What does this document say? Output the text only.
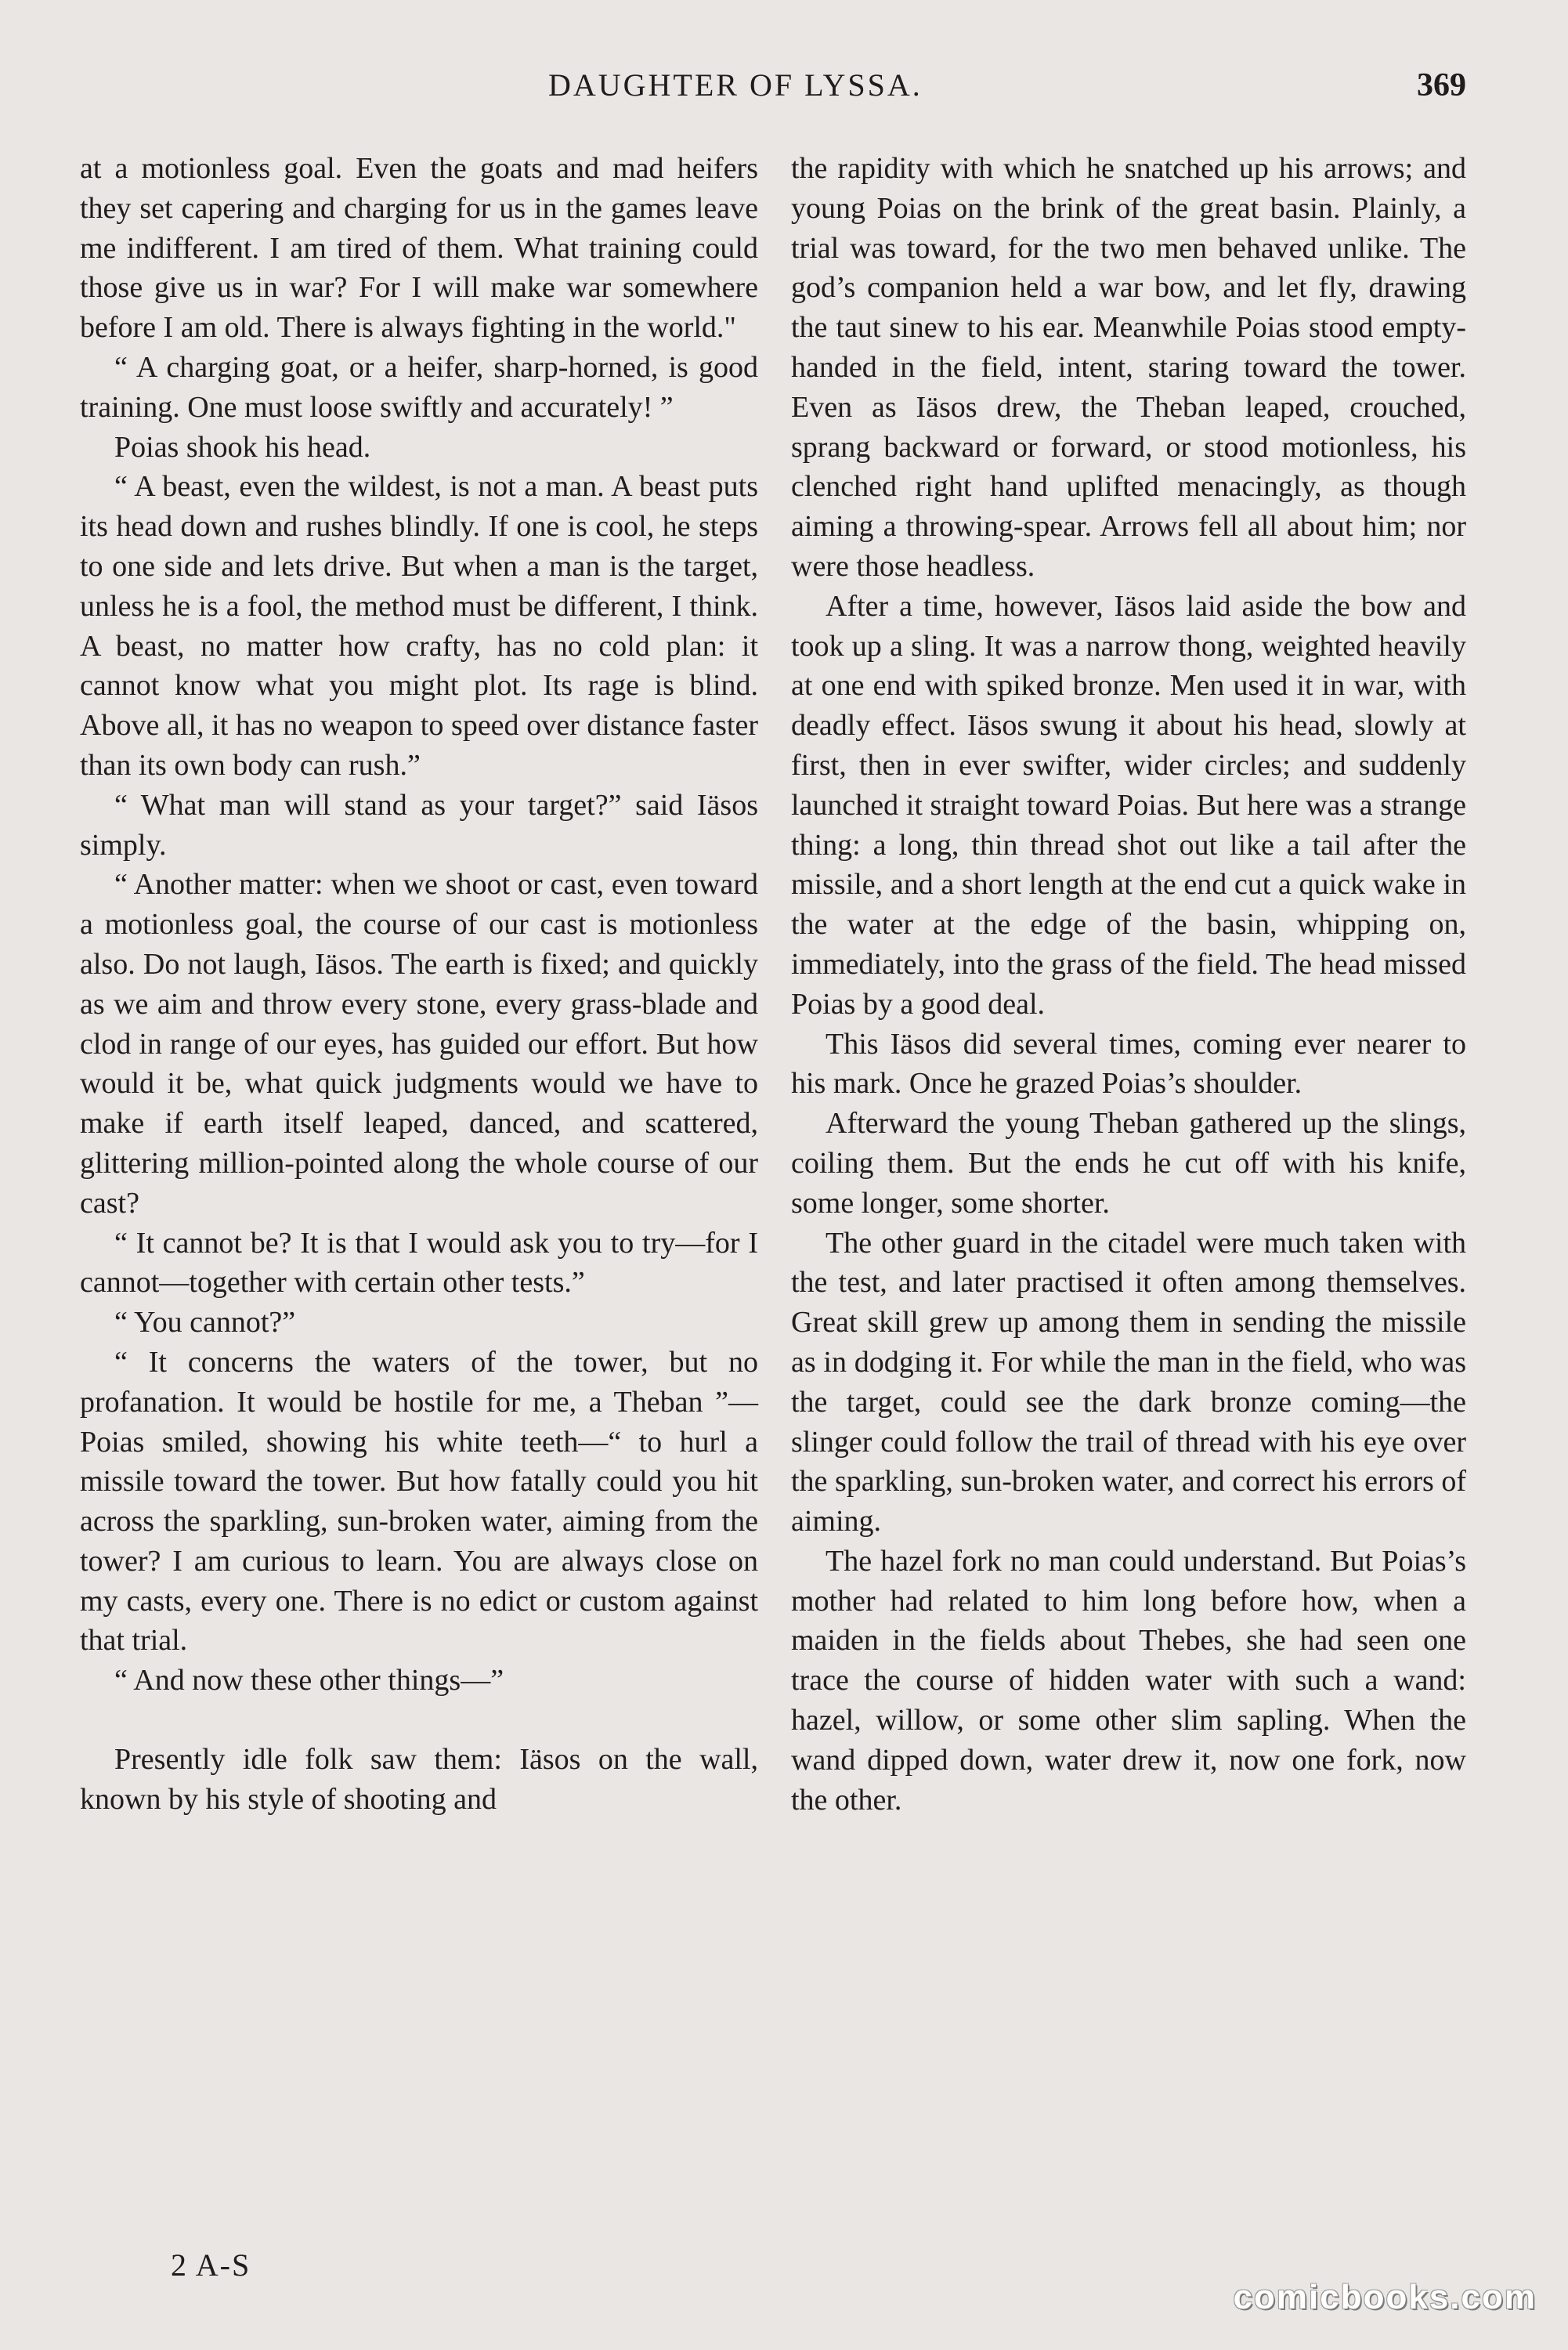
DAUGHTER OF LYSSA.	369

at a motionless goal. Even the goats and mad heifers they set capering and charging for us in the games leave me indifferent. I am tired of them. What training could those give us in war? For I will make war somewhere before I am old. There is always fighting in the world."

“ A charging goat, or a heifer, sharp-horned, is good training. One must loose swiftly and accurately! ”

Poias shook his head.

“ A beast, even the wildest, is not a man. A beast puts its head down and rushes blindly. If one is cool, he steps to one side and lets drive. But when a man is the target, unless he is a fool, the method must be different, I think. A beast, no matter how crafty, has no cold plan: it cannot know what you might plot. Its rage is blind. Above all, it has no weapon to speed over distance faster than its own body can rush.”

“ What man will stand as your target?” said Iäsos simply.

“ Another matter: when we shoot or cast, even toward a motionless goal, the course of our cast is motionless also. Do not laugh, Iäsos. The earth is fixed; and quickly as we aim and throw every stone, every grass-blade and clod in range of our eyes, has guided our effort. But how would it be, what quick judgments would we have to make if earth itself leaped, danced, and scattered, glittering million-pointed along the whole course of our cast?

“ It cannot be? It is that I would ask you to try—for I cannot—together with certain other tests.”

“ You cannot?”

“ It concerns the waters of the tower, but no profanation. It would be hostile for me, a Theban ”—Poias smiled, showing his white teeth—“ to hurl a missile toward the tower. But how fatally could you hit across the sparkling, sun-broken water, aiming from the tower? I am curious to learn. You are always close on my casts, every one. There is no edict or custom against that trial.

“ And now these other things—”

Presently idle folk saw them: Iäsos on the wall, known by his style of shooting and

the rapidity with which he snatched up his arrows; and young Poias on the brink of the great basin. Plainly, a trial was toward, for the two men behaved unlike. The god’s companion held a war bow, and let fly, drawing the taut sinew to his ear. Meanwhile Poias stood empty-handed in the field, intent, staring toward the tower. Even as Iäsos drew, the Theban leaped, crouched, sprang backward or forward, or stood motionless, his clenched right hand uplifted menacingly, as though aiming a throwing-spear. Arrows fell all about him; nor were those headless.

After a time, however, Iäsos laid aside the bow and took up a sling. It was a narrow thong, weighted heavily at one end with spiked bronze. Men used it in war, with deadly effect. Iäsos swung it about his head, slowly at first, then in ever swifter, wider circles; and suddenly launched it straight toward Poias. But here was a strange thing: a long, thin thread shot out like a tail after the missile, and a short length at the end cut a quick wake in the water at the edge of the basin, whipping on, immediately, into the grass of the field. The head missed Poias by a good deal.

This Iäsos did several times, coming ever nearer to his mark. Once he grazed Poias’s shoulder.

Afterward the young Theban gathered up the slings, coiling them. But the ends he cut off with his knife, some longer, some shorter.

The other guard in the citadel were much taken with the test, and later practised it often among themselves. Great skill grew up among them in sending the missile as in dodging it. For while the man in the field, who was the target, could see the dark bronze coming—the slinger could follow the trail of thread with his eye over the sparkling, sun-broken water, and correct his errors of aiming.

The hazel fork no man could understand. But Poias’s mother had related to him long before how, when a maiden in the fields about Thebes, she had seen one trace the course of hidden water with such a wand: hazel, willow, or some other slim sapling. When the wand dipped down, water drew it, now one fork, now the other.

2 A-S
comicbooks.com
